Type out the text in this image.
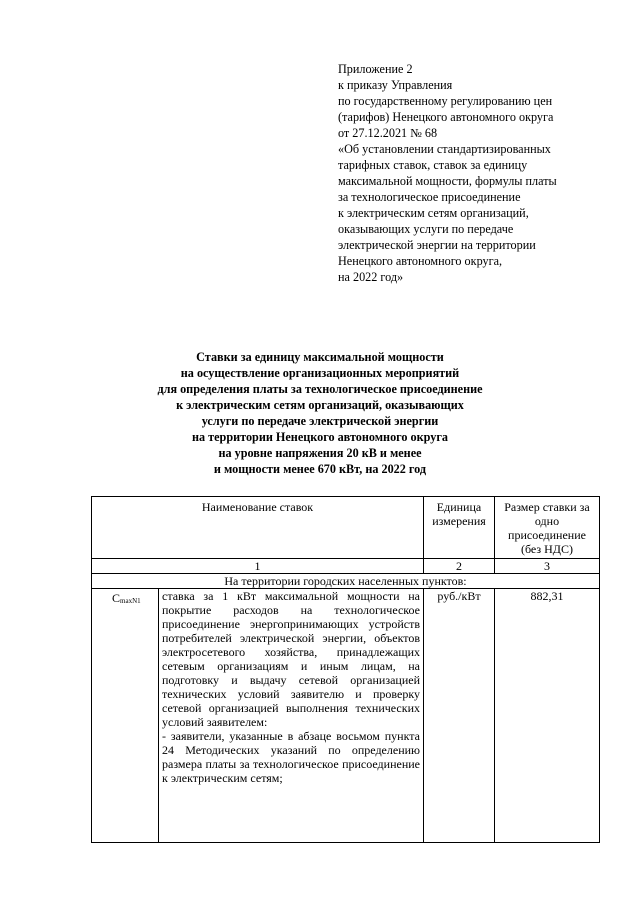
Приложение 2
к приказу Управления
по государственному регулированию цен
(тарифов) Ненецкого автономного округа
от 27.12.2021 № 68
«Об установлении стандартизированных
тарифных ставок, ставок за единицу
максимальной мощности, формулы платы
за технологическое присоединение
к электрическим сетям организаций,
оказывающих услуги по передаче
электрической энергии на территории
Ненецкого автономного округа,
на 2022 год»
Ставки за единицу максимальной мощности
на осуществление организационных мероприятий
для определения платы за технологическое присоединение
к электрическим сетям организаций, оказывающих
услуги по передаче электрической энергии
на территории Ненецкого автономного округа
на уровне напряжения 20 кВ и менее
и мощности менее 670 кВт, на 2022 год
Наименование ставок		Единица измерения	Размер ставки за одно присоединение (без НДС)
1		2	3
На территории городских населенных пунктов:			
CmaxN1	ставка за 1 кВт максимальной мощности на покрытие расходов на технологическое присоединение энергопринимающих устройств потребителей электрической энергии, объектов электросетевого хозяйства, принадлежащих сетевым организациям и иным лицам, на подготовку и выдачу сетевой организацией технических условий заявителю и проверку сетевой организацией выполнения технических условий заявителем:
- заявители, указанные в абзаце восьмом пункта 24 Методических указаний по определению размера платы за технологическое присоединение к электрическим сетям;	руб./кВт	882,31
